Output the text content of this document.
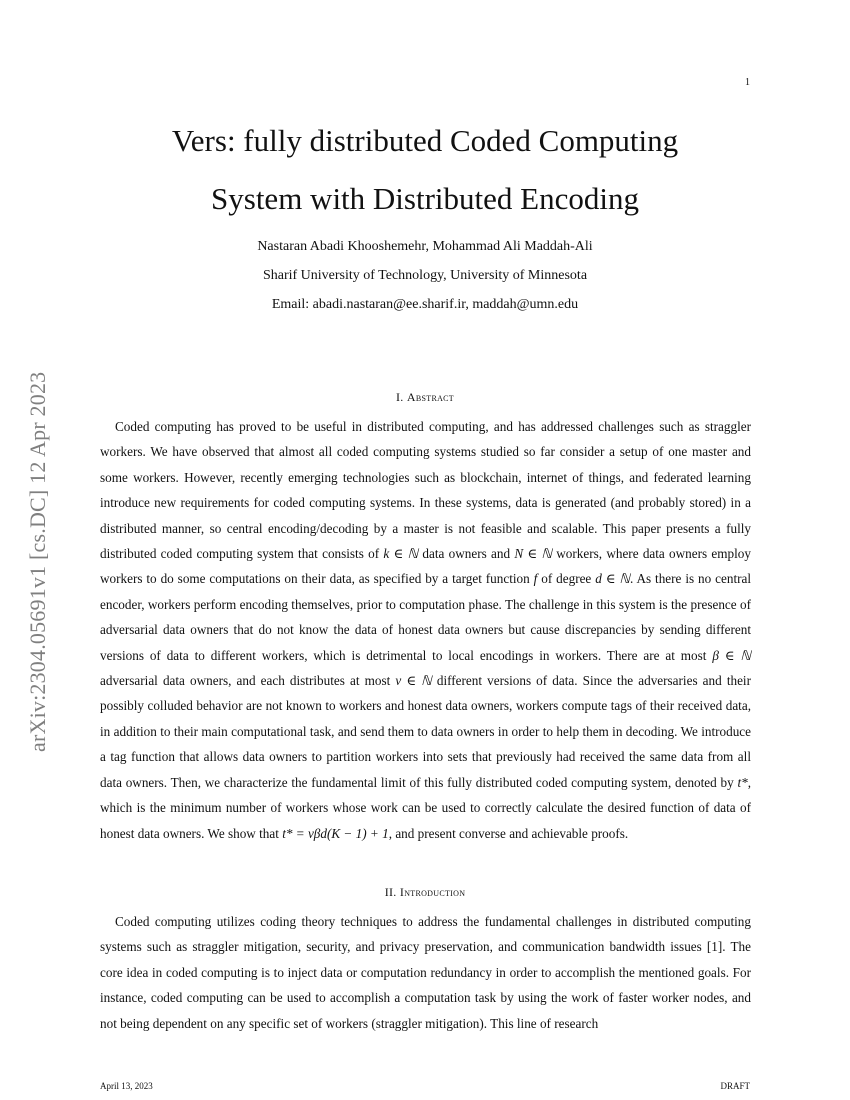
1
arXiv:2304.05691v1 [cs.DC] 12 Apr 2023
Vers: fully distributed Coded Computing
System with Distributed Encoding
Nastaran Abadi Khooshemehr, Mohammad Ali Maddah-Ali
Sharif University of Technology, University of Minnesota
Email: abadi.nastaran@ee.sharif.ir, maddah@umn.edu
I. Abstract

Coded computing has proved to be useful in distributed computing, and has addressed challenges such as straggler workers. We have observed that almost all coded computing systems studied so far consider a setup of one master and some workers. However, recently emerging technologies such as blockchain, internet of things, and federated learning introduce new requirements for coded computing systems. In these systems, data is generated (and probably stored) in a distributed manner, so central encoding/decoding by a master is not feasible and scalable. This paper presents a fully distributed coded computing system that consists of k ∈ ℕ data owners and N ∈ ℕ workers, where data owners employ workers to do some computations on their data, as specified by a target function f of degree d ∈ ℕ. As there is no central encoder, workers perform encoding themselves, prior to computation phase. The challenge in this system is the presence of adversarial data owners that do not know the data of honest data owners but cause discrepancies by sending different versions of data to different workers, which is detrimental to local encodings in workers. There are at most β ∈ ℕ adversarial data owners, and each distributes at most v ∈ ℕ different versions of data. Since the adversaries and their possibly colluded behavior are not known to workers and honest data owners, workers compute tags of their received data, in addition to their main computational task, and send them to data owners in order to help them in decoding. We introduce a tag function that allows data owners to partition workers into sets that previously had received the same data from all data owners. Then, we characterize the fundamental limit of this fully distributed coded computing system, denoted by t*, which is the minimum number of workers whose work can be used to correctly calculate the desired function of data of honest data owners. We show that t* = vβd(K − 1) + 1, and present converse and achievable proofs.

II. Introduction

Coded computing utilizes coding theory techniques to address the fundamental challenges in distributed computing systems such as straggler mitigation, security, and privacy preservation, and communication bandwidth issues [1]. The core idea in coded computing is to inject data or computation redundancy in order to accomplish the mentioned goals. For instance, coded computing can be used to accomplish a computation task by using the work of faster worker nodes, and not being dependent on any specific set of workers (straggler mitigation). This line of research

April 13, 2023	DRAFT
